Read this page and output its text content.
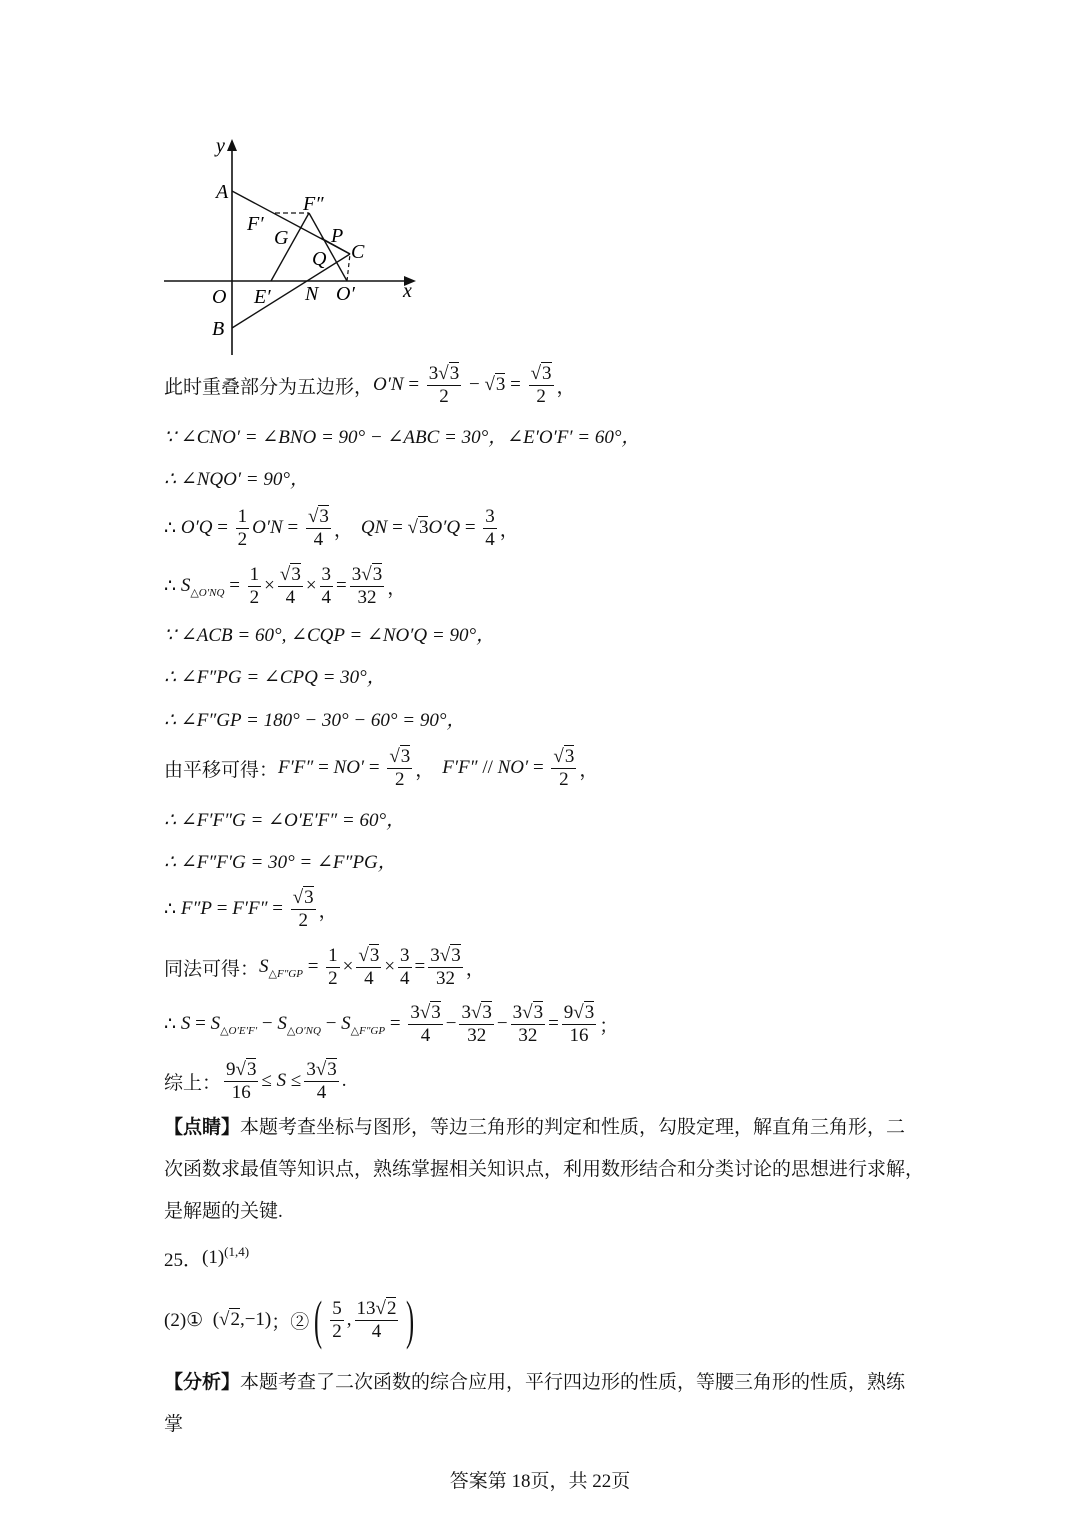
y
A
F″
F′
G P
C
Q
O E′ N O′ x
B
此时重叠部分为五边形， $O'N = \frac{3√3}{2} - √3 = \frac{√3}{2}$ ，
∵ ∠CNO′ = ∠BNO = 90° − ∠ABC = 30°，∠E′O′F′ = 60°，
∴ ∠NQO′ = 90°，
∴ $O'Q = \frac{1}{2} O'N = \frac{√3}{4}$ ， QN = √3 $O'Q = \frac{3}{4}$ ，
∴ S △O′NQ = $\frac{1}{2} \times \frac{√3}{4} \times \frac{3}{4} = \frac{3√3}{32}$ ，
∵ ∠ACB = 60°, ∠CQP = ∠NO′Q = 90°，
∴ ∠F″PG = ∠CPQ = 30°，
∴ ∠F″GP = 180° − 30° − 60° = 90°，
由平移可得： $F'F'' = NO' = \frac{√3}{2}$ ， $F'F'' // NO' = \frac{√3}{2}$ ，
∴ ∠F′F″G = ∠O′E′F″ = 60°，
∴ ∠F″F′G = 30° = ∠F″PG，
∴ $F''P = F'F'' = \frac{√3}{2}$ ，
同法可得： S △F″GP = $\frac{1}{2} \times \frac{√3}{4} \times \frac{3}{4} = \frac{3√3}{32}$ ，
∴ S = S △O′E′F′ − S △O′NQ − S △F″GP = $\frac{3√3}{4} - \frac{3√3}{32} - \frac{3√3}{32} = \frac{9√3}{16}$ ；
综上： $\frac{9√3}{16} \le S \le \frac{3√3}{4}$ .
【点睛】本题考查坐标与图形，等边三角形的判定和性质，勾股定理，解直角三角形，二次函数求最值等知识点，熟练掌握相关知识点，利用数形结合和分类讨论的思想进行求解，是解题的关键.
25． (1) (1,4)
(2)① ( √2 ,−1) ；② ( $\frac{5}{2}$ , $\frac{13√2}{4}$ )
【分析】本题考查了二次函数的综合应用，平行四边形的性质，等腰三角形的性质，熟练掌
答案第 18页，共 22页
